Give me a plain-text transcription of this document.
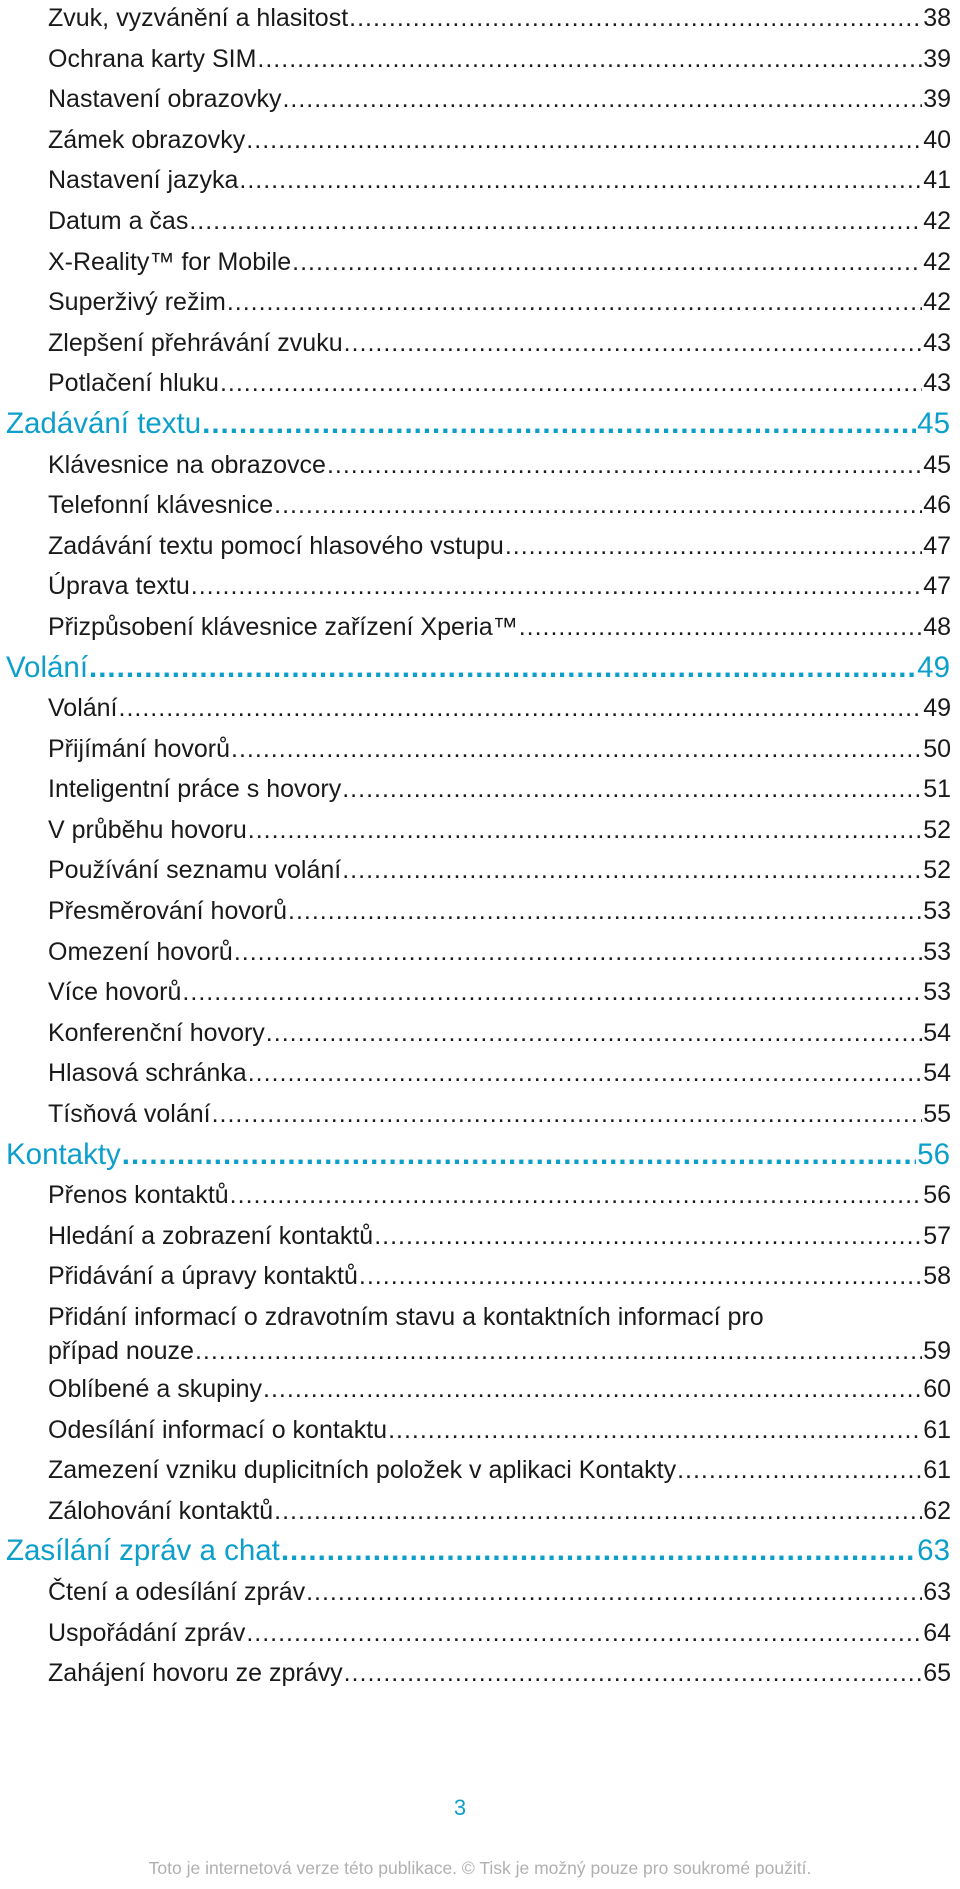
Zvuk, vyzvánění a hlasitost .....	38
Ochrana karty SIM .....	39
Nastavení obrazovky .....	39
Zámek obrazovky .....	40
Nastavení jazyka .....	41
Datum a čas .....	42
X-Reality™ for Mobile .....	42
Superživý režim .....	42
Zlepšení přehrávání zvuku .....	43
Potlačení hluku .....	43
Zadávání textu .....	45
Klávesnice na obrazovce .....	45
Telefonní klávesnice .....	46
Zadávání textu pomocí hlasového vstupu .....	47
Úprava textu .....	47
Přizpůsobení klávesnice zařízení Xperia™ .....	48
Volání .....	49
Volání .....	49
Přijímání hovorů .....	50
Inteligentní práce s hovory .....	51
V průběhu hovoru .....	52
Používání seznamu volání .....	52
Přesměrování hovorů .....	53
Omezení hovorů .....	53
Více hovorů .....	53
Konferenční hovory .....	54
Hlasová schránka .....	54
Tísňová volání .....	55
Kontakty .....	56
Přenos kontaktů .....	56
Hledání a zobrazení kontaktů .....	57
Přidávání a úpravy kontaktů .....	58
Přidání informací o zdravotním stavu a kontaktních informací pro
případ nouze .....	59
Oblíbené a skupiny .....	60
Odesílání informací o kontaktu .....	61
Zamezení vzniku duplicitních položek v aplikaci Kontakty .....	61
Zálohování kontaktů .....	62
Zasílání zpráv a chat .....	63
Čtení a odesílání zpráv .....	63
Uspořádání zpráv .....	64
Zahájení hovoru ze zprávy .....	65
3
Toto je internetová verze této publikace. © Tisk je možný pouze pro soukromé použití.
